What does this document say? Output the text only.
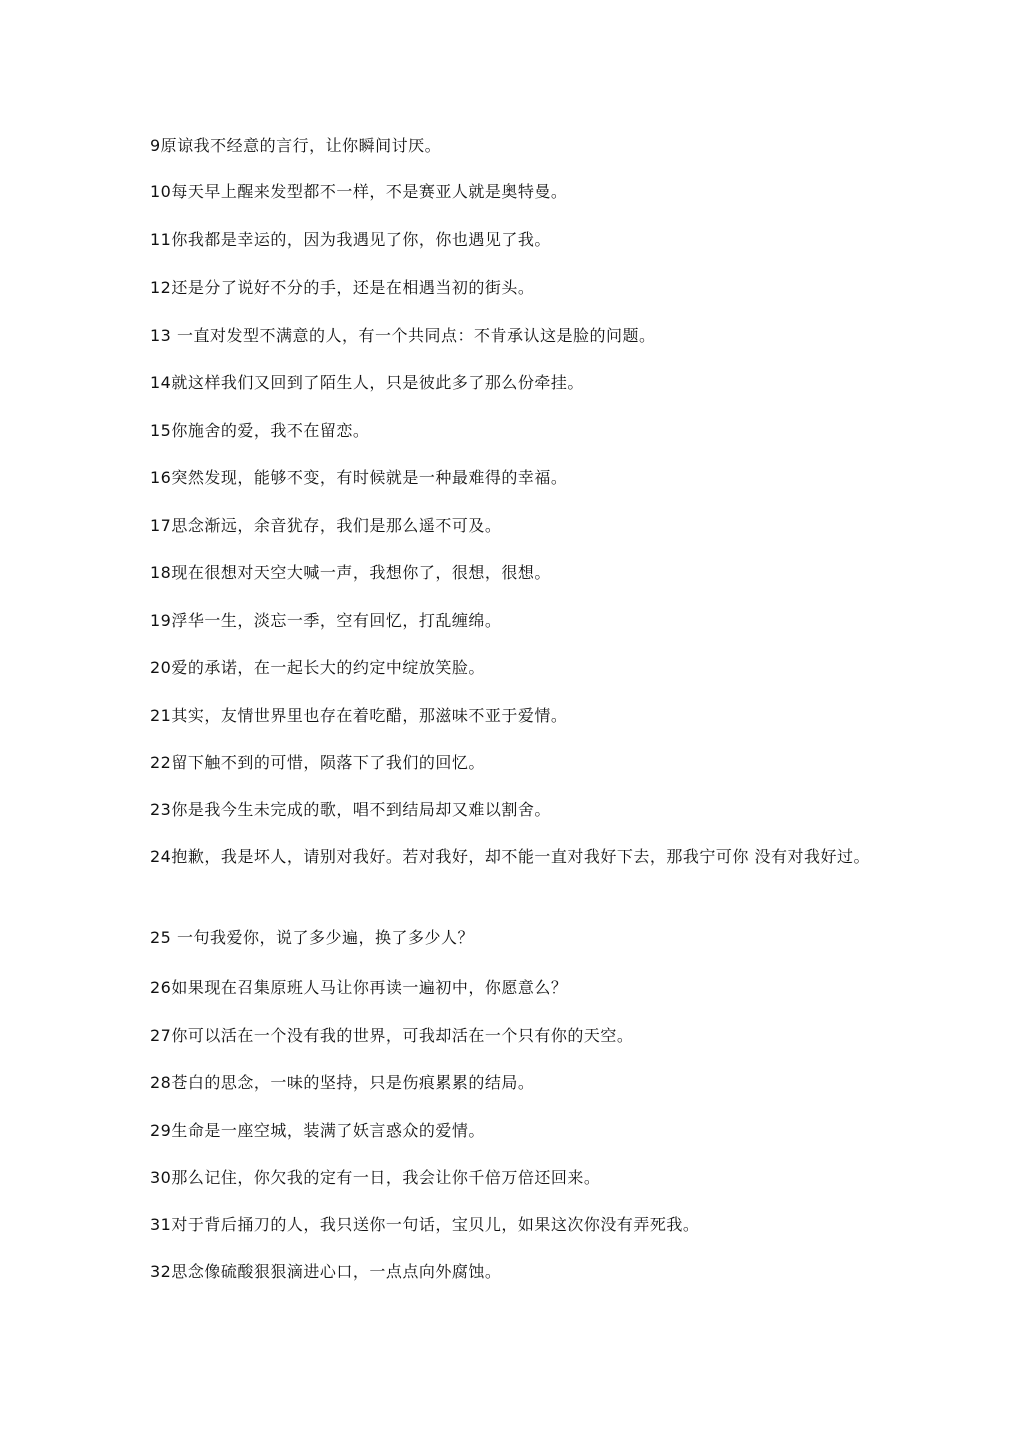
9原谅我不经意的言行，让你瞬间讨厌。
10每天早上醒来发型都不一样，不是赛亚人就是奥特曼。
11你我都是幸运的，因为我遇见了你，你也遇见了我。
12还是分了说好不分的手，还是在相遇当初的街头。
13 一直对发型不满意的人，有一个共同点：不肯承认这是脸的问题。
14就这样我们又回到了陌生人，只是彼此多了那么份牵挂。
15你施舍的爱，我不在留恋。
16突然发现，能够不变，有时候就是一种最难得的幸福。
17思念渐远，余音犹存，我们是那么遥不可及。
18现在很想对天空大喊一声，我想你了，很想，很想。
19浮华一生，淡忘一季，空有回忆，打乱缠绵。
20爱的承诺，在一起长大的约定中绽放笑脸。
21其实，友情世界里也存在着吃醋，那滋味不亚于爱情。
22留下触不到的可惜，陨落下了我们的回忆。
23你是我今生未完成的歌，唱不到结局却又难以割舍。
24抱歉，我是坏人，请别对我好。若对我好，却不能一直对我好下去，那我宁可你 没有对我好过。
25 一句我爱你，说了多少遍，换了多少人？
26如果现在召集原班人马让你再读一遍初中，你愿意么？
27你可以活在一个没有我的世界，可我却活在一个只有你的天空。
28苍白的思念，一味的坚持，只是伤痕累累的结局。
29生命是一座空城，装满了妖言惑众的爱情。
30那么记住，你欠我的定有一日，我会让你千倍万倍还回来。
31对于背后捅刀的人，我只送你一句话，宝贝儿，如果这次你没有弄死我。
32思念像硫酸狠狠滴进心口，一点点向外腐蚀。
